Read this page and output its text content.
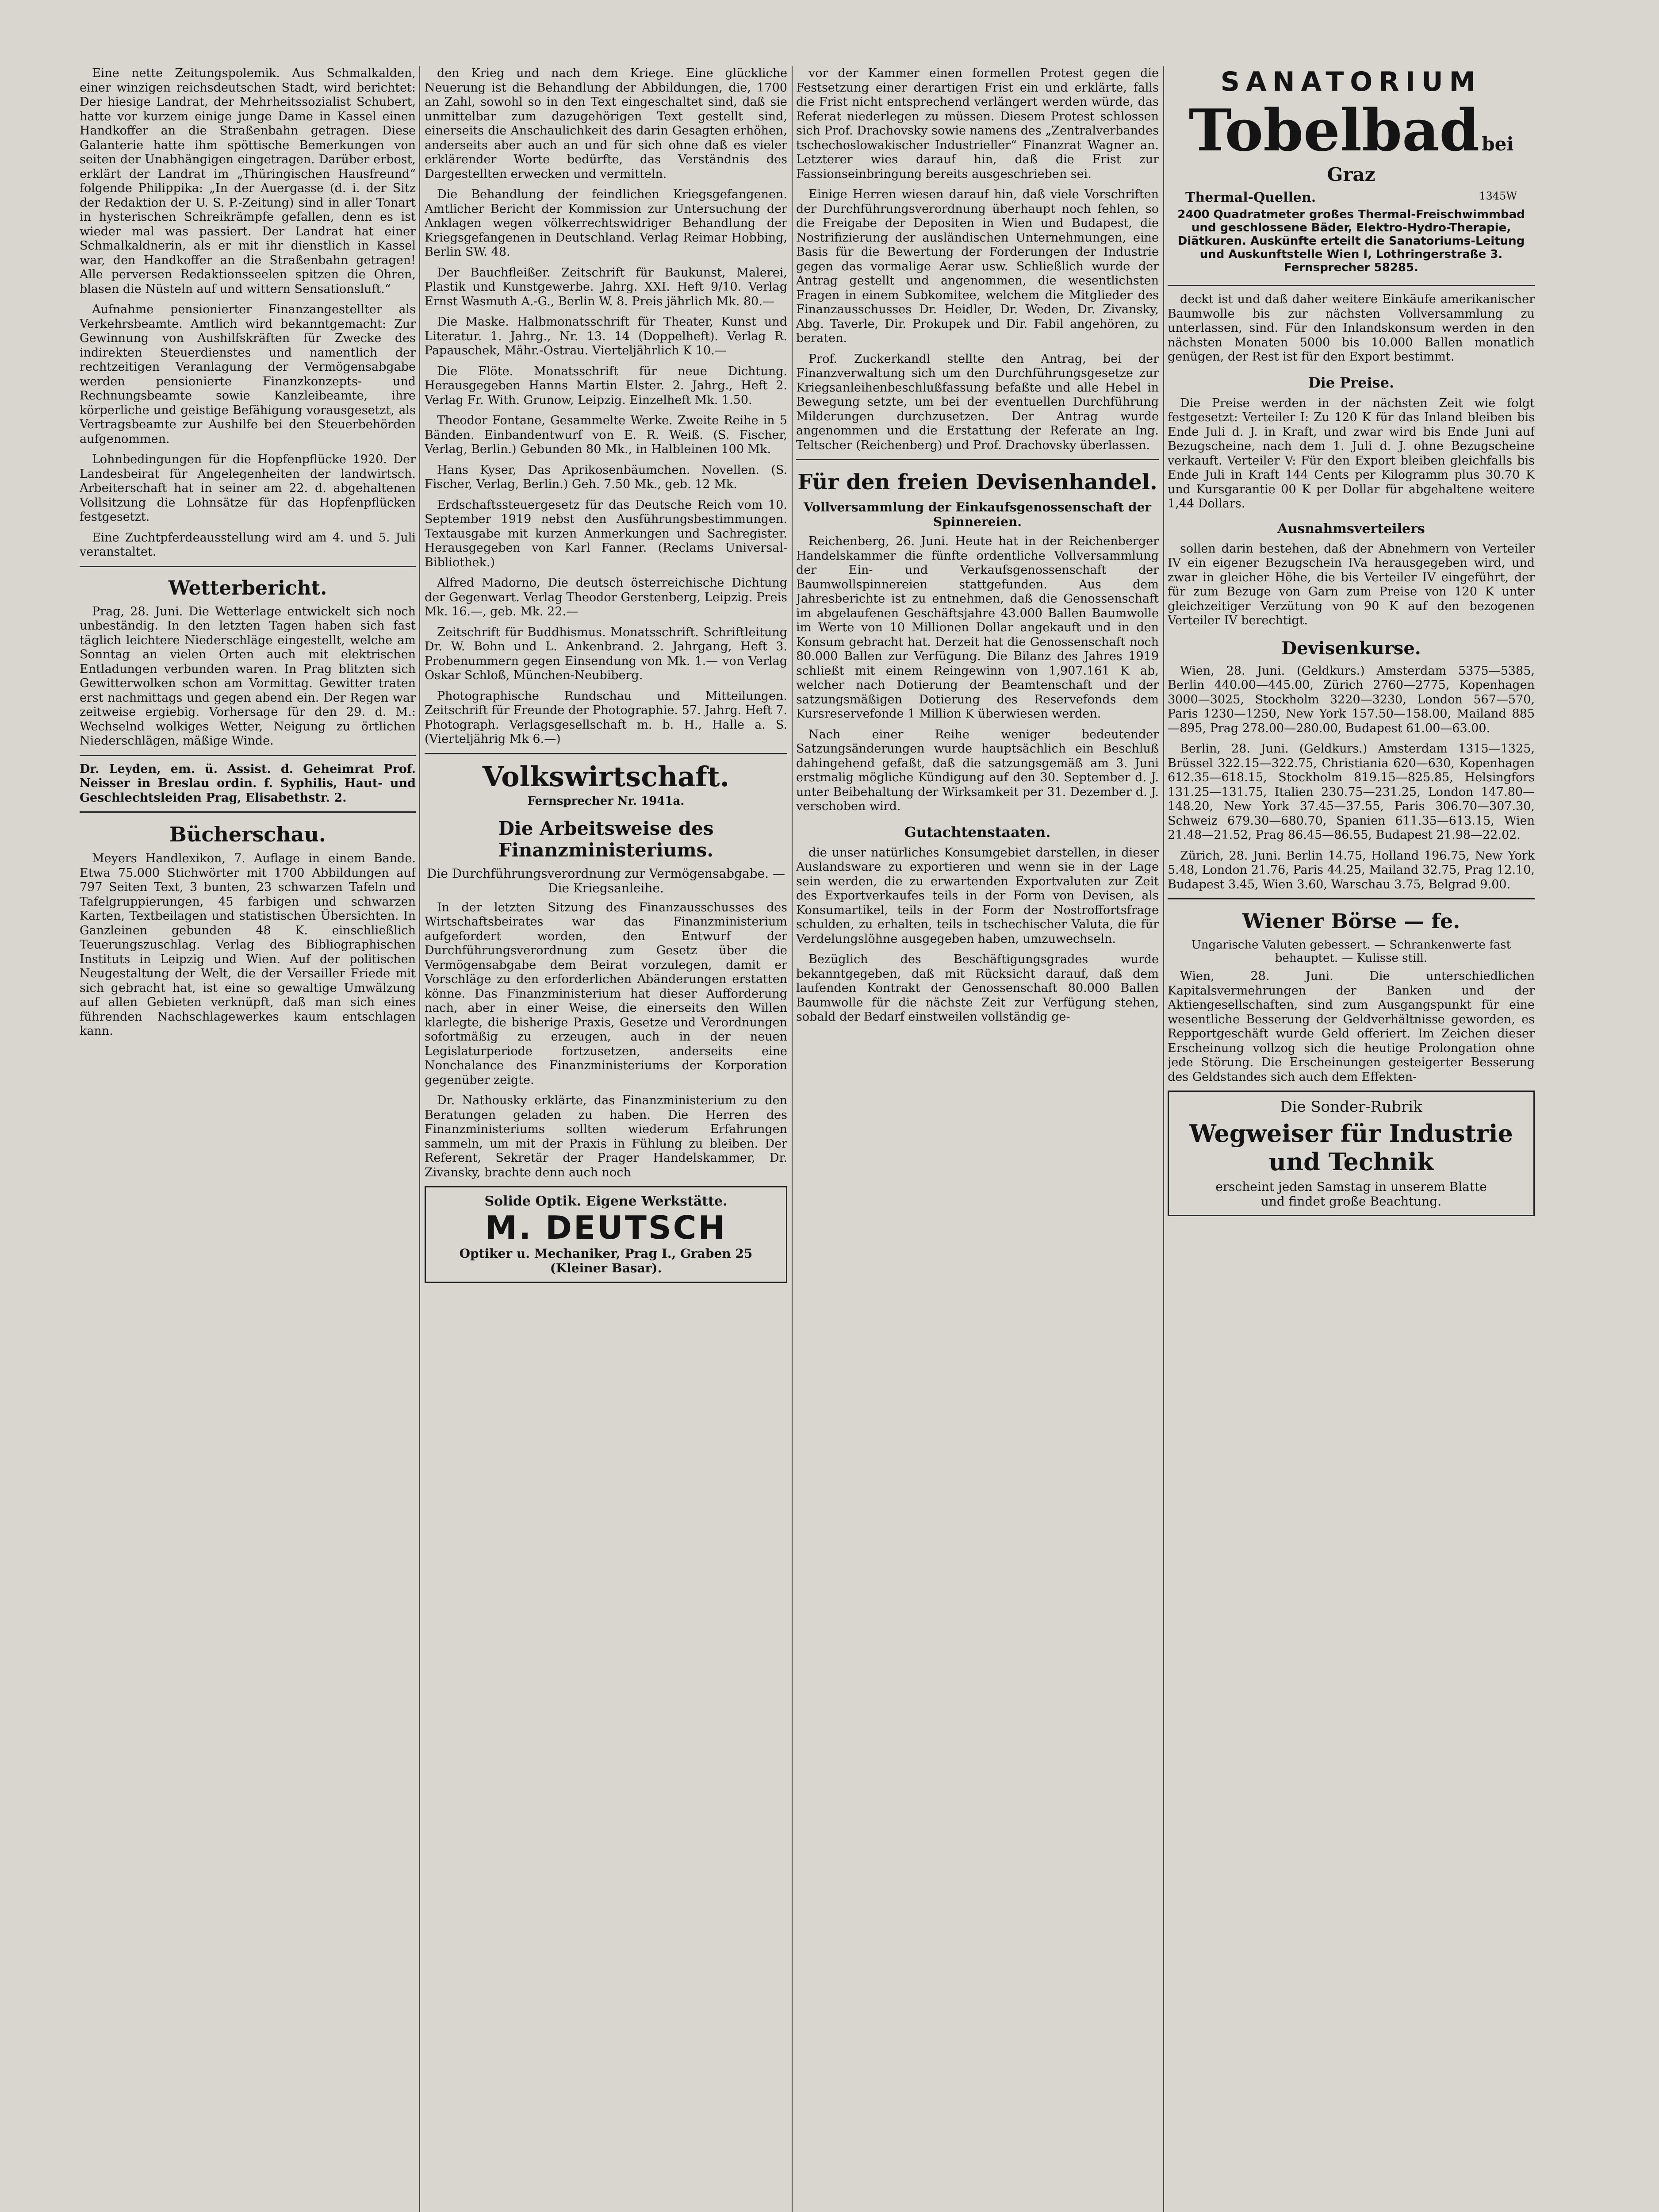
Eine nette Zeitungspolemik. Aus Schmalkalden, einer winzigen reichsdeutschen Stadt, wird berichtet: Der hiesige Landrat, der Mehrheitssozialist Schubert, hatte vor kurzem einige junge Dame in Kassel einen Handkoffer an die Straßenbahn getragen. Diese Galanterie hatte ihm spöttische Bemerkungen von seiten der Unabhängigen eingetragen. Darüber erbost, erklärt der Landrat im „Thüringischen Hausfreund“ folgende Philippika: „In der Auergasse (d. i. der Sitz der Redaktion der U. S. P.-Zeitung) sind in aller Tonart in hysterischen Schreikrämpfe gefallen, denn es ist wieder mal was passiert. Der Landrat hat einer Schmalkaldnerin, als er mit ihr dienstlich in Kassel war, den Handkoffer an die Straßenbahn getragen! Alle perversen Redaktionsseelen spitzen die Ohren, blasen die Nüsteln auf und wittern Sensationsluft.“

Aufnahme pensionierter Finanzangestellter als Verkehrsbeamte. Amtlich wird bekanntgemacht: Zur Gewinnung von Aushilfskräften für Zwecke des indirekten Steuerdienstes und namentlich der rechtzeitigen Veranlagung der Vermögensabgabe werden pensionierte Finanzkonzepts- und Rechnungsbeamte sowie Kanzleibeamte, ihre körperliche und geistige Befähigung vorausgesetzt, als Vertragsbeamte zur Aushilfe bei den Steuerbehörden aufgenommen.

Lohnbedingungen für die Hopfenpflücke 1920. Der Landesbeirat für Angelegenheiten der landwirtsch. Arbeiterschaft hat in seiner am 22. d. abgehaltenen Vollsitzung die Lohnsätze für das Hopfenpflücken festgesetzt.

Eine Zuchtpferdeausstellung wird am 4. und 5. Juli veranstaltet.

Wetterbericht.

Prag, 28. Juni. Die Wetterlage entwickelt sich noch unbeständig. In den letzten Tagen haben sich fast täglich leichtere Niederschläge eingestellt, welche am Sonntag an vielen Orten auch mit elektrischen Entladungen verbunden waren. In Prag blitzten sich Gewitterwolken schon am Vormittag. Gewitter traten erst nachmittags und gegen abend ein. Der Regen war zeitweise ergiebig. Vorhersage für den 29. d. M.: Wechselnd wolkiges Wetter, Neigung zu örtlichen Niederschlägen, mäßige Winde.

Dr. Leyden, em. ü. Assist. d. Geheimrat Prof. Neisser in Breslau ordin. f. Syphilis, Haut- und Geschlechtsleiden Prag, Elisabethstr. 2.

Bücherschau.

Meyers Handlexikon, 7. Auflage in einem Bande. Etwa 75.000 Stichwörter mit 1700 Abbildungen auf 797 Seiten Text, 3 bunten, 23 schwarzen Tafeln und Tafelgruppierungen, 45 farbigen und schwarzen Karten, Textbeilagen und statistischen Übersichten. In Ganzleinen gebunden 48 K. einschließlich Teuerungszuschlag. Verlag des Bibliographischen Instituts in Leipzig und Wien. Auf der politischen Neugestaltung der Welt, die der Versailler Friede mit sich gebracht hat, ist eine so gewaltige Umwälzung auf allen Gebieten verknüpft, daß man sich eines führenden Nachschlagewerkes kaum entschlagen kann.

den Krieg und nach dem Kriege. Eine glückliche Neuerung ist die Behandlung der Abbildungen, die, 1700 an Zahl, sowohl so in den Text eingeschaltet sind, daß sie unmittelbar zum dazugehörigen Text gestellt sind, einerseits die Anschaulichkeit des darin Gesagten erhöhen, anderseits aber auch an und für sich ohne daß es vieler erklärender Worte bedürfte, das Verständnis des Dargestellten erwecken und vermitteln.

Die Behandlung der feindlichen Kriegsgefangenen. Amtlicher Bericht der Kommission zur Untersuchung der Anklagen wegen völkerrechtswidriger Behandlung der Kriegsgefangenen in Deutschland. Verlag Reimar Hobbing, Berlin SW. 48.

Der Bauchfleißer. Zeitschrift für Baukunst, Malerei, Plastik und Kunstgewerbe. Jahrg. XXI. Heft 9/10. Verlag Ernst Wasmuth A.-G., Berlin W. 8. Preis jährlich Mk. 80.—

Die Maske. Halbmonatsschrift für Theater, Kunst und Literatur. 1. Jahrg., Nr. 13. 14 (Doppelheft). Verlag R. Papauschek, Mähr.-Ostrau. Vierteljährlich K 10.—

Die Flöte. Monatsschrift für neue Dichtung. Herausgegeben Hanns Martin Elster. 2. Jahrg., Heft 2. Verlag Fr. With. Grunow, Leipzig. Einzelheft Mk. 1.50.

Theodor Fontane, Gesammelte Werke. Zweite Reihe in 5 Bänden. Einbandentwurf von E. R. Weiß. (S. Fischer, Verlag, Berlin.) Gebunden 80 Mk., in Halbleinen 100 Mk.

Hans Kyser, Das Aprikosenbäumchen. Novellen. (S. Fischer, Verlag, Berlin.) Geh. 7.50 Mk., geb. 12 Mk.

Erdschaftssteuergesetz für das Deutsche Reich vom 10. September 1919 nebst den Ausführungsbestimmungen. Textausgabe mit kurzen Anmerkungen und Sachregister. Herausgegeben von Karl Fanner. (Reclams Universal-Bibliothek.)

Alfred Madorno, Die deutsch österreichische Dichtung der Gegenwart. Verlag Theodor Gerstenberg, Leipzig. Preis Mk. 16.—, geb. Mk. 22.—

Zeitschrift für Buddhismus. Monatsschrift. Schriftleitung Dr. W. Bohn und L. Ankenbrand. 2. Jahrgang, Heft 3. Probenummern gegen Einsendung von Mk. 1.— von Verlag Oskar Schloß, München-Neubiberg.

Photographische Rundschau und Mitteilungen. Zeitschrift für Freunde der Photographie. 57. Jahrg. Heft 7. Photograph. Verlagsgesellschaft m. b. H., Halle a. S. (Vierteljährig Mk 6.—)

Volkswirtschaft.
Fernsprecher Nr. 1941a.
Die Arbeitsweise des Finanzministeriums.
Die Durchführungsverordnung zur Vermögensabgabe. — Die Kriegsanleihe.

In der letzten Sitzung des Finanzausschusses des Wirtschaftsbeirates war das Finanzministerium aufgefordert worden, den Entwurf der Durchführungsverordnung zum Gesetz über die Vermögensabgabe dem Beirat vorzulegen, damit er Vorschläge zu den erforderlichen Abänderungen erstatten könne. Das Finanzministerium hat dieser Aufforderung nach, aber in einer Weise, die einerseits den Willen klarlegte, die bisherige Praxis, Gesetze und Verordnungen sofortmäßig zu erzeugen, auch in der neuen Legislaturperiode fortzusetzen, anderseits eine Nonchalance des Finanzministeriums der Korporation gegenüber zeigte.

Dr. Nathousky erklärte, das Finanzministerium zu den Beratungen geladen zu haben. Die Herren des Finanzministeriums sollten wiederum Erfahrungen sammeln, um mit der Praxis in Fühlung zu bleiben. Der Referent, Sekretär der Prager Handelskammer, Dr. Zivansky, brachte denn auch noch

Solide Optik. Eigene Werkstätte.
M. DEUTSCH
Optiker u. Mechaniker, Prag I., Graben 25
(Kleiner Basar).

vor der Kammer einen formellen Protest gegen die Festsetzung einer derartigen Frist ein und erklärte, falls die Frist nicht entsprechend verlängert werden würde, das Referat niederlegen zu müssen. Diesem Protest schlossen sich Prof. Drachovsky sowie namens des „Zentralverbandes tschechoslowakischer Industrieller“ Finanzrat Wagner an. Letzterer wies darauf hin, daß die Frist zur Fassionseinbringung bereits ausgeschrieben sei.

Einige Herren wiesen darauf hin, daß viele Vorschriften der Durchführungsverordnung überhaupt noch fehlen, so die Freigabe der Depositen in Wien und Budapest, die Nostrifizierung der ausländischen Unternehmungen, eine Basis für die Bewertung der Forderungen der Industrie gegen das vormalige Aerar usw. Schließlich wurde der Antrag gestellt und angenommen, die wesentlichsten Fragen in einem Subkomitee, welchem die Mitglieder des Finanzausschusses Dr. Heidler, Dr. Weden, Dr. Zivansky, Abg. Taverle, Dir. Prokupek und Dir. Fabil angehören, zu beraten.

Prof. Zuckerkandl stellte den Antrag, bei der Finanzverwaltung sich um den Durchführungsgesetze zur Kriegsanleihenbeschlußfassung befaßte und alle Hebel in Bewegung setzte, um bei der eventuellen Durchführung Milderungen durchzusetzen. Der Antrag wurde angenommen und die Erstattung der Referate an Ing. Teltscher (Reichenberg) und Prof. Drachovsky überlassen.

Für den freien Devisenhandel.
Vollversammlung der Einkaufsgenossenschaft der Spinnereien.

Reichenberg, 26. Juni. Heute hat in der Reichenberger Handelskammer die fünfte ordentliche Vollversammlung der Ein- und Verkaufsgenossenschaft der Baumwollspinnereien stattgefunden. Aus dem Jahresberichte ist zu entnehmen, daß die Genossenschaft im abgelaufenen Geschäftsjahre 43.000 Ballen Baumwolle im Werte von 10 Millionen Dollar angekauft und in den Konsum gebracht hat. Derzeit hat die Genossenschaft noch 80.000 Ballen zur Verfügung. Die Bilanz des Jahres 1919 schließt mit einem Reingewinn von 1,907.161 K ab, welcher nach Dotierung der Beamtenschaft und der satzungsmäßigen Dotierung des Reservefonds dem Kursreservefonde 1 Million K überwiesen werden.

Nach einer Reihe weniger bedeutender Satzungsänderungen wurde hauptsächlich ein Beschluß dahingehend gefaßt, daß die satzungsgemäß am 3. Juni erstmalig mögliche Kündigung auf den 30. September d. J. unter Beibehaltung der Wirksamkeit per 31. Dezember d. J. verschoben wird.

Gutachtenstaaten.

die unser natürliches Konsumgebiet darstellen, in dieser Auslandsware zu exportieren und wenn sie in der Lage sein werden, die zu erwartenden Exportvaluten zur Zeit des Exportverkaufes teils in der Form von Devisen, als Konsumartikel, teils in der Form der Nostroffortsfrage schulden, zu erhalten, teils in tschechischer Valuta, die für Verdelungslöhne ausgegeben haben, umzuwechseln.

Bezüglich des Beschäftigungsgrades wurde bekanntgegeben, daß mit Rücksicht darauf, daß dem laufenden Kontrakt der Genossenschaft 80.000 Ballen Baumwolle für die nächste Zeit zur Verfügung stehen, sobald der Bedarf einstweilen vollständig ge-

SANATORIUM
Tobelbad bei Graz
Thermal-Quellen.	1345W
2400 Quadratmeter großes Thermal-Freischwimmbad und geschlossene Bäder, Elektro-Hydro-Therapie, Diätkuren. Auskünfte erteilt die Sanatoriums-Leitung und Auskunftstelle Wien I, Lothringerstraße 3. Fernsprecher 58285.

deckt ist und daß daher weitere Einkäufe amerikanischer Baumwolle bis zur nächsten Vollversammlung zu unterlassen, sind. Für den Inlandskonsum werden in den nächsten Monaten 5000 bis 10.000 Ballen monatlich genügen, der Rest ist für den Export bestimmt.

Die Preise.

Die Preise werden in der nächsten Zeit wie folgt festgesetzt: Verteiler I: Zu 120 K für das Inland bleiben bis Ende Juli d. J. in Kraft, und zwar wird bis Ende Juni auf Bezugscheine, nach dem 1. Juli d. J. ohne Bezugscheine verkauft. Verteiler V: Für den Export bleiben gleichfalls bis Ende Juli in Kraft 144 Cents per Kilogramm plus 30.70 K und Kursgarantie 00 K per Dollar für abgehaltene weitere 1,44 Dollars.

Ausnahmsverteilers

sollen darin bestehen, daß der Abnehmern von Verteiler IV ein eigener Bezugschein IVa herausgegeben wird, und zwar in gleicher Höhe, die bis Verteiler IV eingeführt, der für zum Bezuge von Garn zum Preise von 120 K unter gleichzeitiger Verzütung von 90 K auf den bezogenen Verteiler IV berechtigt.

Devisenkurse.

Wien, 28. Juni. (Geldkurs.) Amsterdam 5375—5385, Berlin 440.00—445.00, Zürich 2760—2775, Kopenhagen 3000—3025, Stockholm 3220—3230, London 567—570, Paris 1230—1250, New York 157.50—158.00, Mailand 885—895, Prag 278.00—280.00, Budapest 61.00—63.00.

Berlin, 28. Juni. (Geldkurs.) Amsterdam 1315—1325, Brüssel 322.15—322.75, Christiania 620—630, Kopenhagen 612.35—618.15, Stockholm 819.15—825.85, Helsingfors 131.25—131.75, Italien 230.75—231.25, London 147.80—148.20, New York 37.45—37.55, Paris 306.70—307.30, Schweiz 679.30—680.70, Spanien 611.35—613.15, Wien 21.48—21.52, Prag 86.45—86.55, Budapest 21.98—22.02.

Zürich, 28. Juni. Berlin 14.75, Holland 196.75, New York 5.48, London 21.76, Paris 44.25, Mailand 32.75, Prag 12.10, Budapest 3.45, Wien 3.60, Warschau 3.75, Belgrad 9.00.

Wiener Börse — fe.
Ungarische Valuten gebessert. — Schrankenwerte fast behauptet. — Kulisse still.

Wien, 28. Juni. Die unterschiedlichen Kapitalsvermehrungen der Banken und der Aktiengesellschaften, sind zum Ausgangspunkt für eine wesentliche Besserung der Geldverhältnisse geworden, es Repportgeschäft wurde Geld offeriert. Im Zeichen dieser Erscheinung vollzog sich die heutige Prolongation ohne jede Störung. Die Erscheinungen gesteigerter Besserung des Geldstandes sich auch dem Effekten-

Die Sonder-Rubrik
Wegweiser für Industrie und Technik
erscheint jeden Samstag in unserem Blatte
und findet große Beachtung.
